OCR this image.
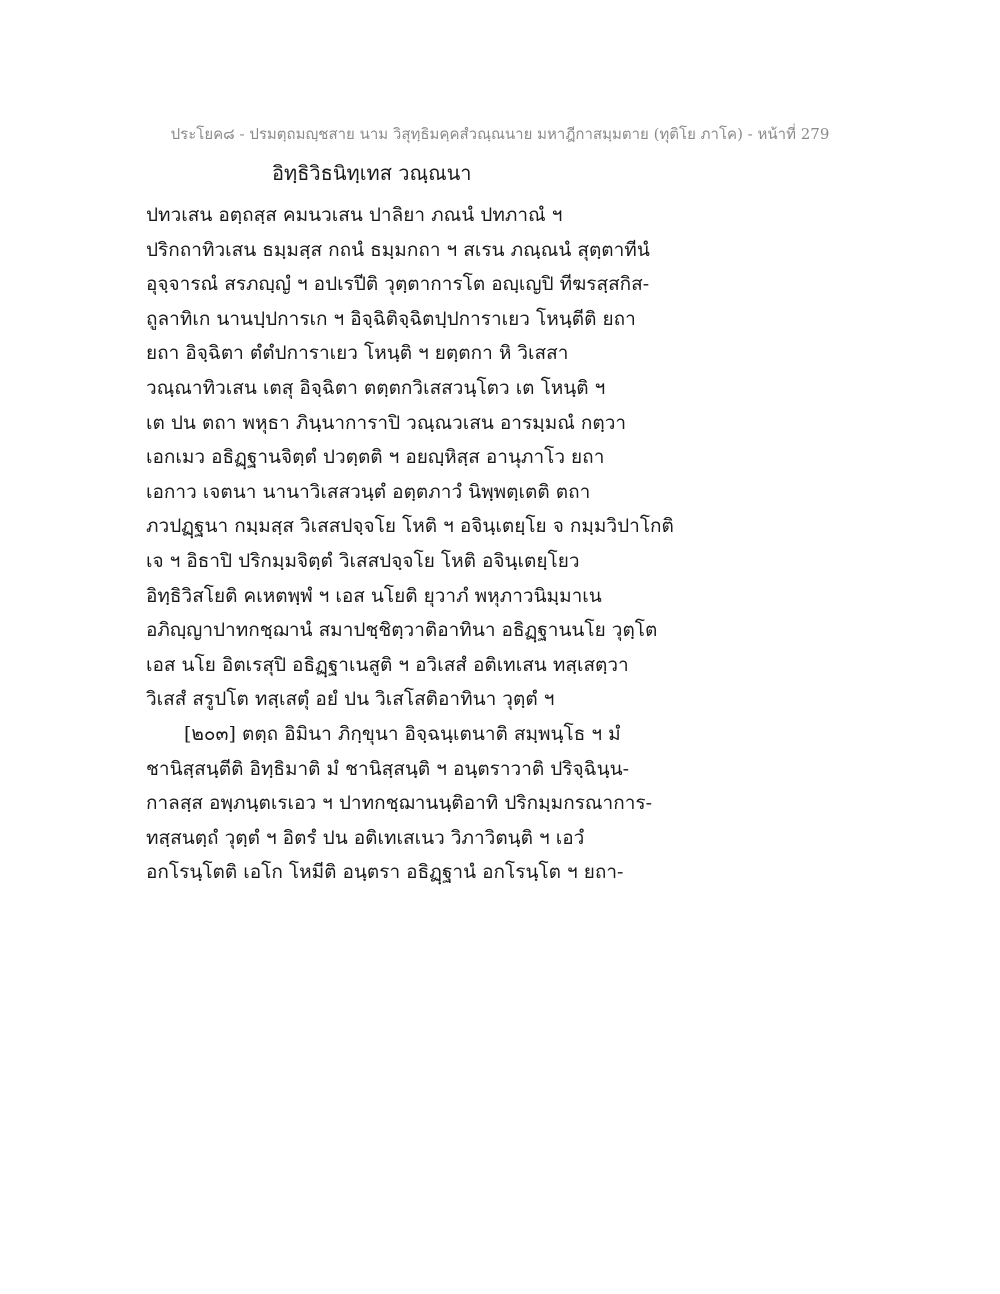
ประโยค๘ - ปรมตฺถมญฺชสาย นาม วิสุทฺธิมคฺคสํวณฺณนาย มหาฎีกาสมฺมตาย (ทุติโย ภาโค) - หน้าที่ 279
อิทฺธิวิธนิทฺเทส วณฺณนา
ปทวเสน อตฺถสฺส คมนวเสน ปาลิยา ภณนํ ปทภาณํ ฯ
ปริกถาทิวเสน ธมฺมสฺส กถนํ ธมฺมกถา ฯ สเรน ภณฺณนํ สุตฺตาทีนํ
อุจฺจารณํ สรภญฺญํ ฯ อปเรปีติ วุตฺตาการโต อญฺเญปิ ทีฆรสฺสกิส-
ถูลาทิเก นานปฺปการเก ฯ อิจฺฉิติจฺฉิตปฺปการาเยว โหนฺตีติ ยถา
ยถา อิจฺฉิตา ตํตํปการาเยว โหนฺติ ฯ ยตฺตกา หิ วิเสสา
วณฺณาทิวเสน เตสุ อิจฺฉิตา ตตฺตกวิเสสวนฺโตว เต โหนฺติ ฯ
เต ปน ตถา พหุธา ภินฺนาการาปิ วณฺณวเสน อารมฺมณํ กตฺวา
เอกเมว อธิฏฺฐานจิตฺตํ ปวตฺตติ ฯ อยญฺหิสฺส อานุภาโว ยถา
เอกาว เจตนา นานาวิเสสวนฺตํ อตฺตภาวํ นิพฺพตฺเตติ ตถา
ภวปฏฺฐนา กมฺมสฺส วิเสสปจฺจโย โหติ ฯ อจินฺเตยฺโย จ กมฺมวิปาโกติ
เจ ฯ อิธาปิ ปริกมฺมจิตฺตํ วิเสสปจฺจโย โหติ อจินฺเตยฺโยว
อิทฺธิวิสโยติ คเหตพฺพํ ฯ เอส นโยติ ยุวาภํ พหุภาวนิมฺมาเน
อภิญฺญาปาทกชฺฌานํ สมาปชฺชิตฺวาติอาทินา อธิฏฺฐานนโย วุตฺโต
เอส นโย อิตเรสุปิ อธิฏฺฐาเนสูติ ฯ อวิเสสํ อติเทเสน ทสฺเสตฺวา
วิเสสํ สรูปโต ทสฺเสตุํ อยํ ปน วิเสโสติอาทินา วุตฺตํ ฯ
[๒๐๓] ตตฺถ อิมินา ภิกฺขุนา อิจฺฉนฺเตนาติ สมฺพนฺโธ ฯ มํ
ชานิสฺสนฺตีติ อิทฺธิมาติ มํ ชานิสฺสนฺติ ฯ อนฺตราวาติ ปริจฺฉินฺน-
กาลสฺส อพฺภนฺตเรเอว ฯ ปาทกชฺฌานนฺติอาทิ ปริกมฺมกรณาการ-
ทสฺสนตฺถํ วุตฺตํ ฯ อิตรํ ปน อติเทเสเนว วิภาวิตนฺติ ฯ เอวํ
อกโรนฺโตติ เอโก โหมีติ อนฺตรา อธิฏฺฐานํ อกโรนฺโต ฯ ยถา-
